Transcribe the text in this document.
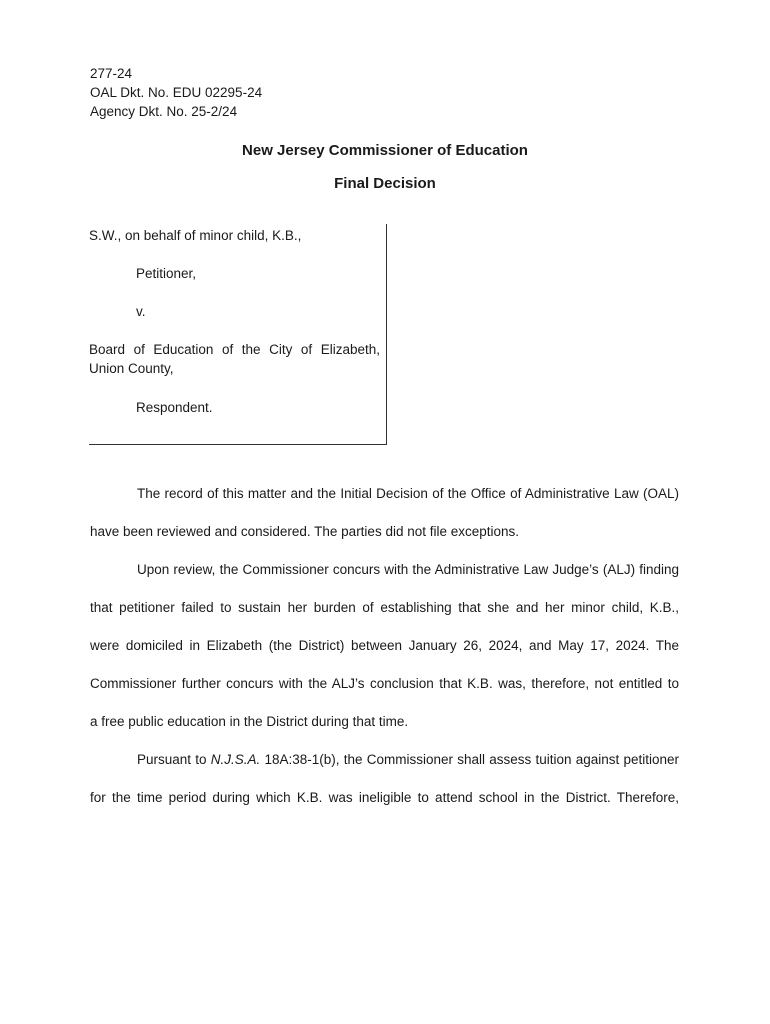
277-24
OAL Dkt. No. EDU 02295-24
Agency Dkt. No. 25-2/24
New Jersey Commissioner of Education
Final Decision
S.W., on behalf of minor child, K.B.,
Petitioner,
v.
Board of Education of the City of Elizabeth, Union County,
Respondent.
The record of this matter and the Initial Decision of the Office of Administrative Law (OAL)
have been reviewed and considered. The parties did not file exceptions.
Upon review, the Commissioner concurs with the Administrative Law Judge’s (ALJ) finding
that petitioner failed to sustain her burden of establishing that she and her minor child, K.B.,
were domiciled in Elizabeth (the District) between January 26, 2024, and May 17, 2024. The
Commissioner further concurs with the ALJ’s conclusion that K.B. was, therefore, not entitled to
a free public education in the District during that time.
Pursuant to N.J.S.A. 18A:38-1(b), the Commissioner shall assess tuition against petitioner
for the time period during which K.B. was ineligible to attend school in the District. Therefore,
